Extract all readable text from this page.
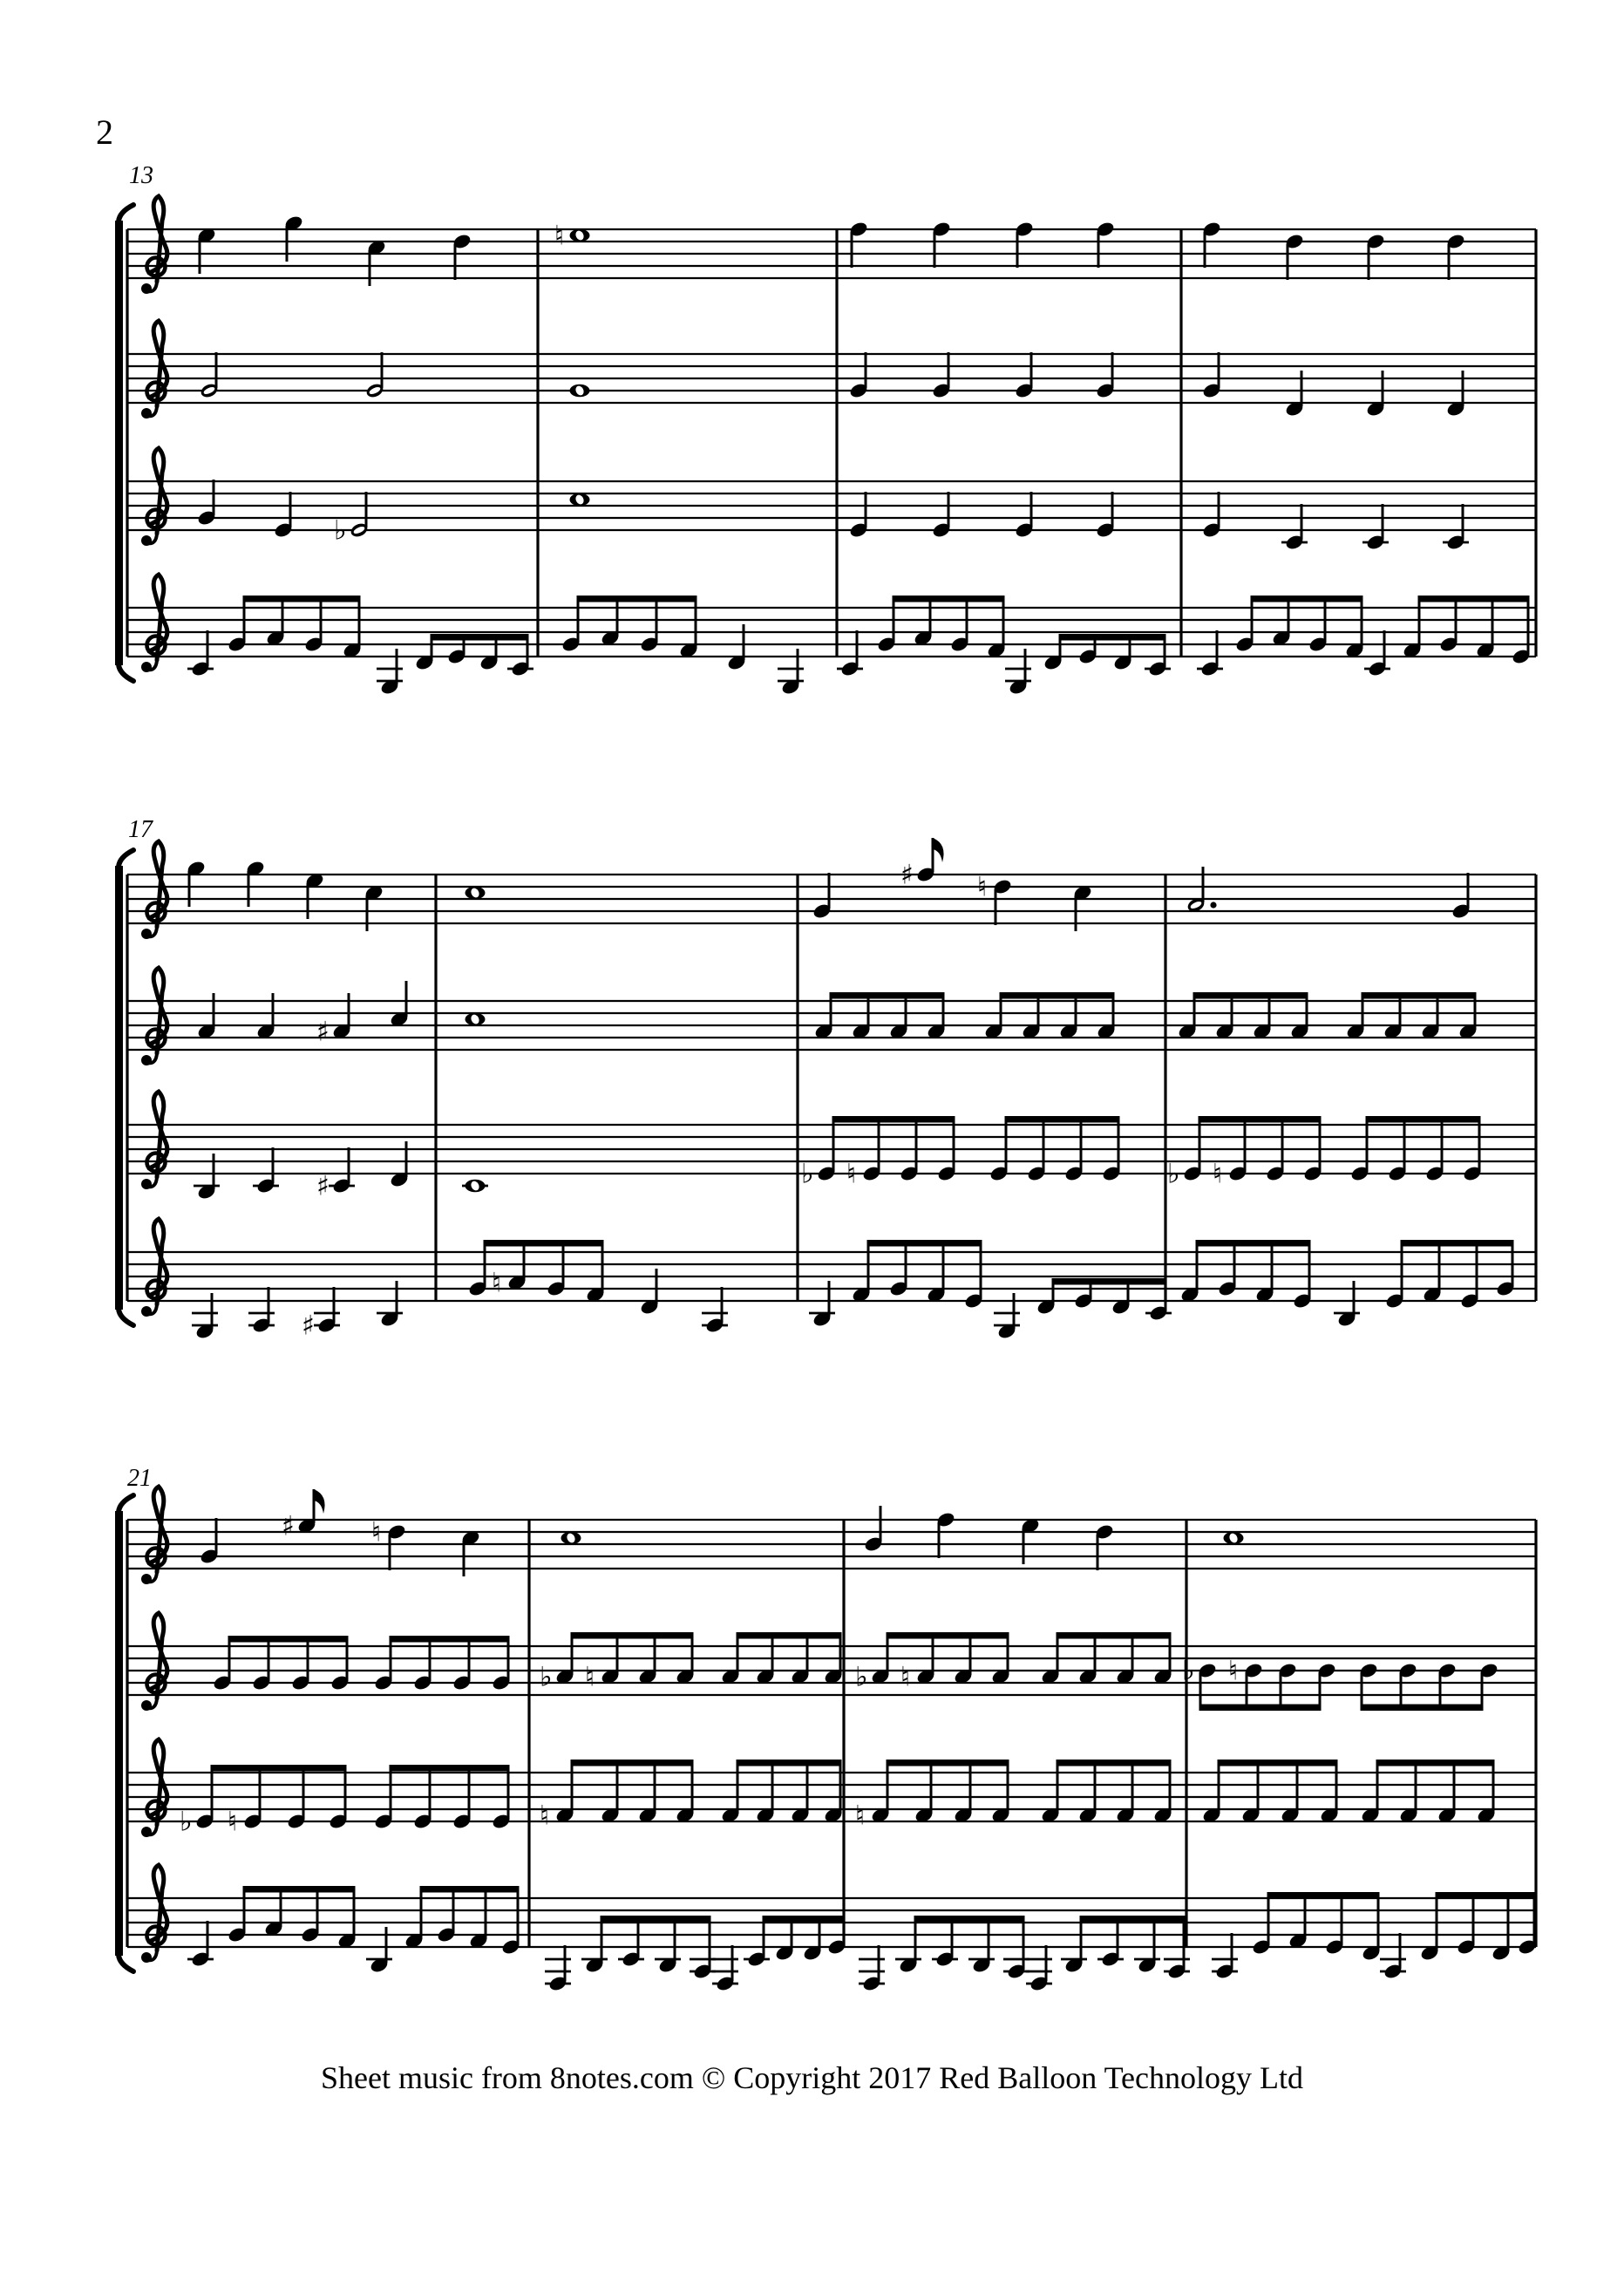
2
13
17
21
♮
♭
♯ ♮
♯
♯	♭ ♮	♭ ♮
♯
♮
♯	♮
♭ ♮	♭ ♮	♭ ♮
♭ ♮	♮	♮
Sheet music from 8notes.com © Copyright 2017 Red Balloon Technology Ltd
